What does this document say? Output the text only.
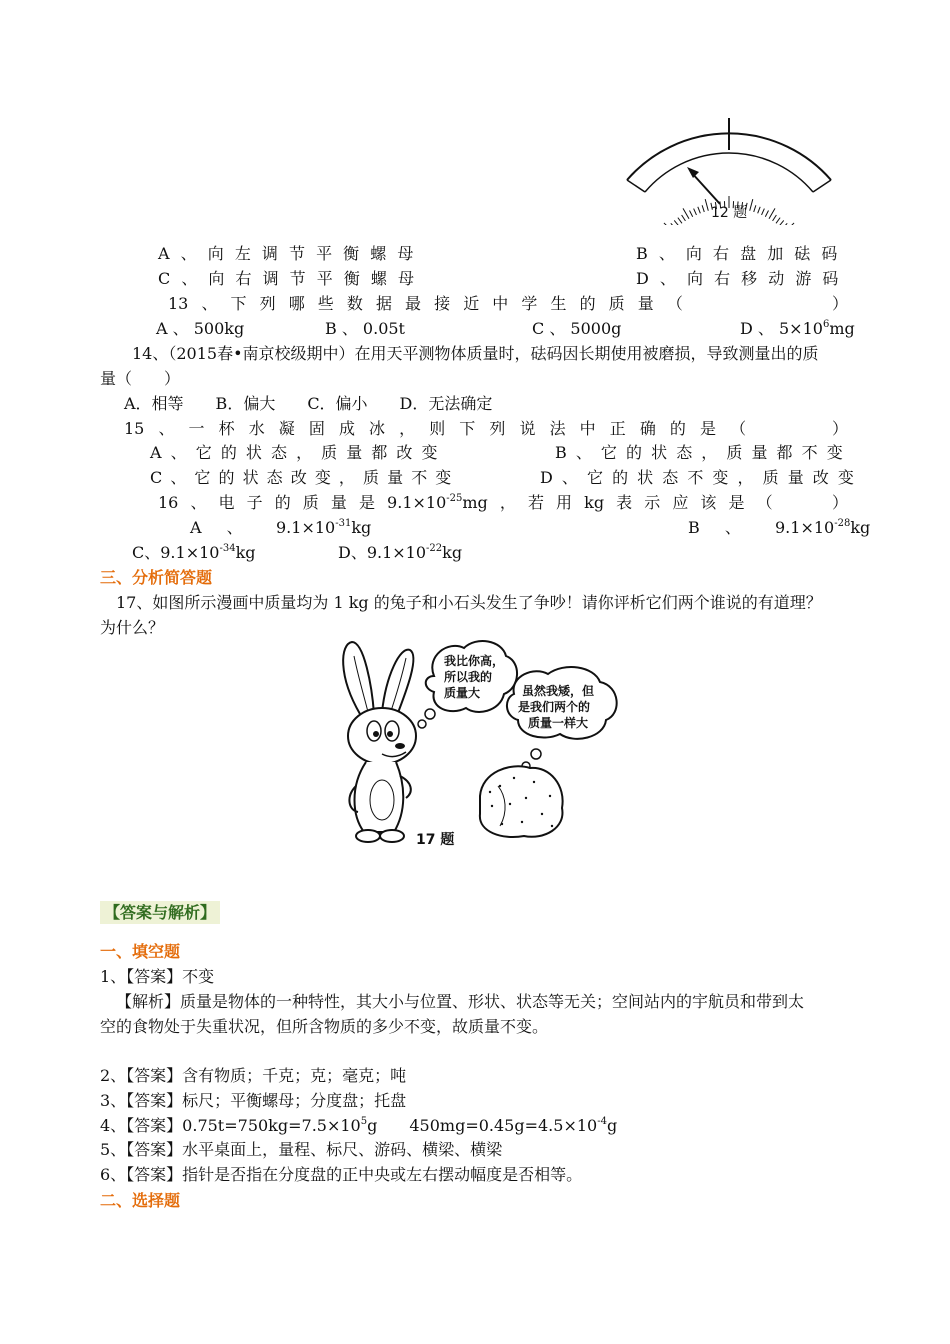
12 题
A 、 向 左 调 节 平 衡 螺 母	B 、 向 右 盘 加 砝 码
C 、 向 右 调 节 平 衡 螺 母	D 、 向 右 移 动 游 码
13 、 下 列 哪 些 数 据 最 接 近 中 学 生 的 质 量 （	）
A 、 500kg	B 、 0.05t	C 、 5000g	D 、 $5\times 10^6mg$
14、（2015春•南京校级期中）在用天平测物体质量时，砝码因长期使用被磨损，导致测量出的质
量（　　）
A．相等　　B．偏大　　C．偏小　　D．无法确定
15 、 一 杯 水 凝 固 成 冰 ， 则 下 列 说 法 中 正 确 的 是 （	）
A 、 它 的 状 态 ， 质 量 都 改 变	B 、 它 的 状 态 ， 质 量 都 不 变
C 、 它 的 状 态 改 变 ， 质 量 不 变	D 、 它 的 状 态 不 变 ， 质 量 改 变
16 、 电 子 的 质 量 是 $9.1\times 10^{-25}mg$ ， 若 用 kg 表 示 应 该 是 （	）
A 、 $9.1\times 10^{-31}kg$	B 、 $9.1\times 10^{-28}kg$
C、$9.1\times 10^{-34}kg$	D、$9.1\times 10^{-22}kg$
三、分析简答题
17、如图所示漫画中质量均为 1 kg 的兔子和小石头发生了争吵！请你评析它们两个谁说的有道理？
为什么？
我比你高，
所以我的
质量大	虽然我矮，但
是我们两个的
质量一样大
17 题
【答案与解析】
一、填空题
1、【答案】不变
【解析】质量是物体的一种特性，其大小与位置、形状、状态等无关；空间站内的宇航员和带到太
空的食物处于失重状况，但所含物质的多少不变，故质量不变。
2、【答案】含有物质；千克；克；毫克；吨
3、【答案】标尺；平衡螺母；分度盘；托盘
4、【答案】$0.75t=750kg=7.5\times 10^5g$　　$450mg=0.45g=4.5\times 10^{-4}g$
5、【答案】水平桌面上，量程、标尺、游码、横梁、横梁
6、【答案】指针是否指在分度盘的正中央或左右摆动幅度是否相等。
二、选择题
